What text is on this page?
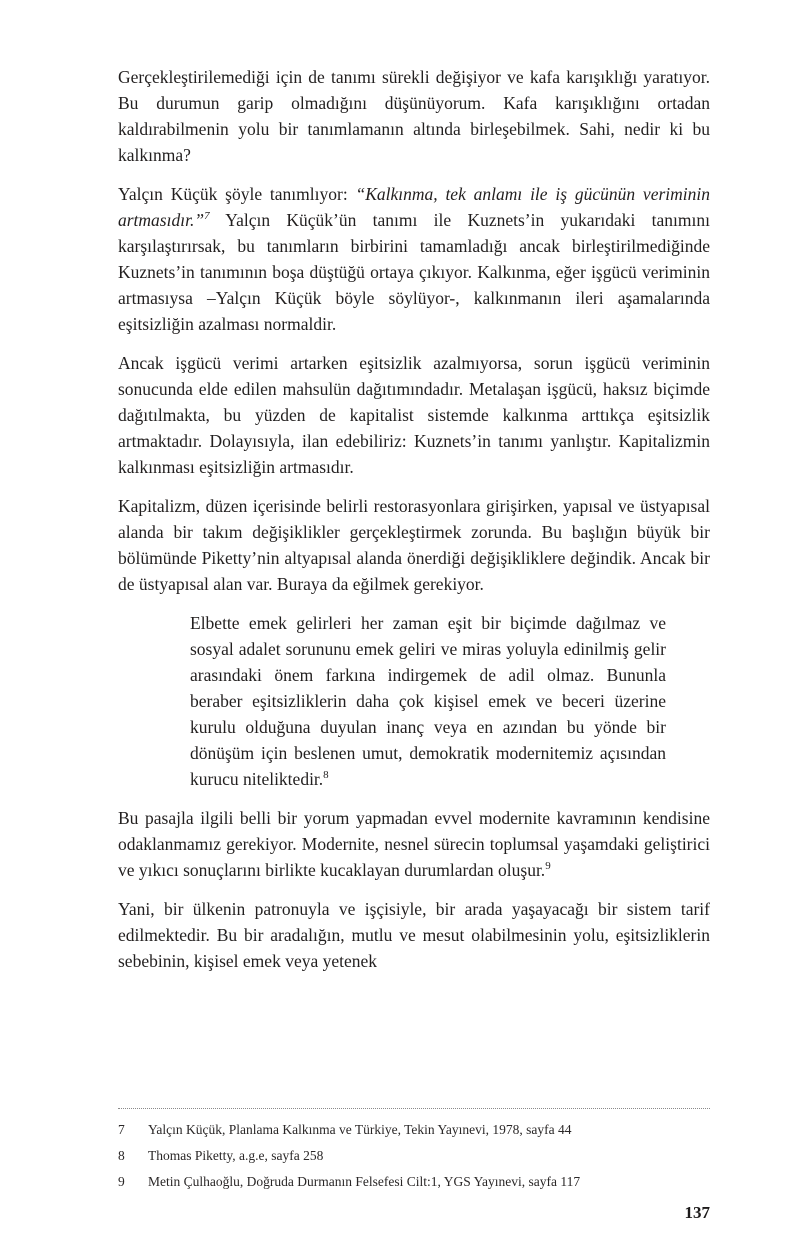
Gerçekleştirilemediği için de tanımı sürekli değişiyor ve kafa karışıklığı yaratıyor. Bu durumun garip olmadığını düşünüyorum. Kafa karışıklığını ortadan kaldırabilmenin yolu bir tanımlamanın altında birleşebilmek. Sahi, nedir ki bu kalkınma?

Yalçın Küçük şöyle tanımlıyor: “Kalkınma, tek anlamı ile iş gücünün veriminin artmasıdır.”$^7$ Yalçın Küçük’ün tanımı ile Kuznets’in yukarıdaki tanımını karşılaştırırsak, bu tanımların birbirini tamamladığı ancak birleştirilmediğinde Kuznets’in tanımının boşa düştüğü ortaya çıkıyor. Kalkınma, eğer işgücü veriminin artmasıysa –Yalçın Küçük böyle söylüyor-, kalkınmanın ileri aşamalarında eşitsizliğin azalması normaldir.

Ancak işgücü verimi artarken eşitsizlik azalmıyorsa, sorun işgücü veriminin sonucunda elde edilen mahsulün dağıtımındadır. Metalaşan işgücü, haksız biçimde dağıtılmakta, bu yüzden de kapitalist sistemde kalkınma arttıkça eşitsizlik artmaktadır. Dolayısıyla, ilan edebiliriz: Kuznets’in tanımı yanlıştır. Kapitalizmin kalkınması eşitsizliğin artmasıdır.

Kapitalizm, düzen içerisinde belirli restorasyonlara girişirken, yapısal ve üstyapısal alanda bir takım değişiklikler gerçekleştirmek zorunda. Bu başlığın büyük bir bölümünde Piketty’nin altyapısal alanda önerdiği değişikliklere değindik. Ancak bir de üstyapısal alan var. Buraya da eğilmek gerekiyor.

Elbette emek gelirleri her zaman eşit bir biçimde dağılmaz ve sosyal adalet sorununu emek geliri ve miras yoluyla edinilmiş gelir arasındaki önem farkına indirgemek de adil olmaz. Bununla beraber eşitsizliklerin daha çok kişisel emek ve beceri üzerine kurulu olduğuna duyulan inanç veya en azından bu yönde bir dönüşüm için beslenen umut, demokratik modernitemiz açısından kurucu niteliktedir.$^8$

Bu pasajla ilgili belli bir yorum yapmadan evvel modernite kavramının kendisine odaklanmamız gerekiyor. Modernite, nesnel sürecin toplumsal yaşamdaki geliştirici ve yıkıcı sonuçlarını birlikte kucaklayan durumlardan oluşur.$^9$

Yani, bir ülkenin patronuyla ve işçisiyle, bir arada yaşayacağı bir sistem tarif edilmektedir. Bu bir aradalığın, mutlu ve mesut olabilmesinin yolu, eşitsizliklerin sebebinin, kişisel emek veya yetenek

7	Yalçın Küçük, Planlama Kalkınma ve Türkiye, Tekin Yayınevi, 1978, sayfa 44
8	Thomas Piketty, a.g.e, sayfa 258
9	Metin Çulhaoğlu, Doğruda Durmanın Felsefesi Cilt:1, YGS Yayınevi, sayfa 117

137
